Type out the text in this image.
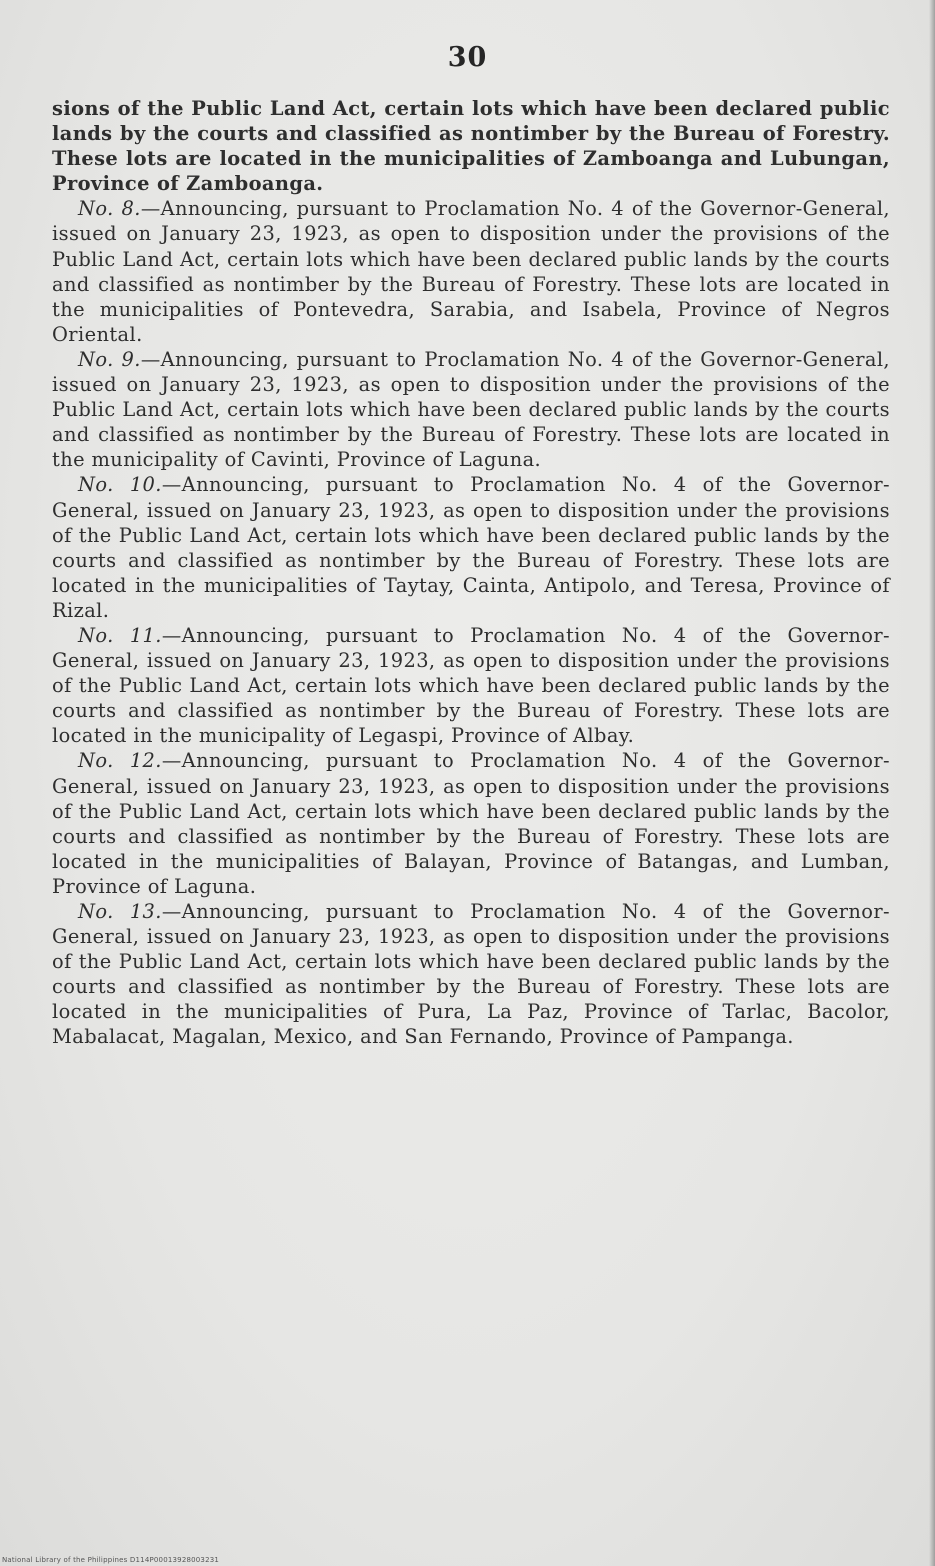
30

sions of the Public Land Act, certain lots which have been declared public lands by the courts and classified as nontimber by the Bureau of Forestry. These lots are located in the municipalities of Zamboanga and Lubungan, Province of Zamboanga.

No. 8.—Announcing, pursuant to Proclamation No. 4 of the Governor-General, issued on January 23, 1923, as open to disposition under the provisions of the Public Land Act, certain lots which have been declared public lands by the courts and classified as nontimber by the Bureau of Forestry. These lots are located in the municipalities of Pontevedra, Sarabia, and Isabela, Province of Negros Oriental.

No. 9.—Announcing, pursuant to Proclamation No. 4 of the Governor-General, issued on January 23, 1923, as open to disposition under the provisions of the Public Land Act, certain lots which have been declared public lands by the courts and classified as nontimber by the Bureau of Forestry. These lots are located in the municipality of Cavinti, Province of Laguna.

No. 10.—Announcing, pursuant to Proclamation No. 4 of the Governor-General, issued on January 23, 1923, as open to disposition under the provisions of the Public Land Act, certain lots which have been declared public lands by the courts and classified as nontimber by the Bureau of Forestry. These lots are located in the municipalities of Taytay, Cainta, Antipolo, and Teresa, Province of Rizal.

No. 11.—Announcing, pursuant to Proclamation No. 4 of the Governor-General, issued on January 23, 1923, as open to disposition under the provisions of the Public Land Act, certain lots which have been declared public lands by the courts and classified as nontimber by the Bureau of Forestry. These lots are located in the municipality of Legaspi, Province of Albay.

No. 12.—Announcing, pursuant to Proclamation No. 4 of the Governor-General, issued on January 23, 1923, as open to disposition under the provisions of the Public Land Act, certain lots which have been declared public lands by the courts and classified as nontimber by the Bureau of Forestry. These lots are located in the municipalities of Balayan, Province of Batangas, and Lumban, Province of Laguna.

No. 13.—Announcing, pursuant to Proclamation No. 4 of the Governor-General, issued on January 23, 1923, as open to disposition under the provisions of the Public Land Act, certain lots which have been declared public lands by the courts and classified as nontimber by the Bureau of Forestry. These lots are located in the municipalities of Pura, La Paz, Province of Tarlac, Bacolor, Mabalacat, Magalan, Mexico, and San Fernando, Province of Pampanga.

National Library of the Philippines D114P00013928003231
